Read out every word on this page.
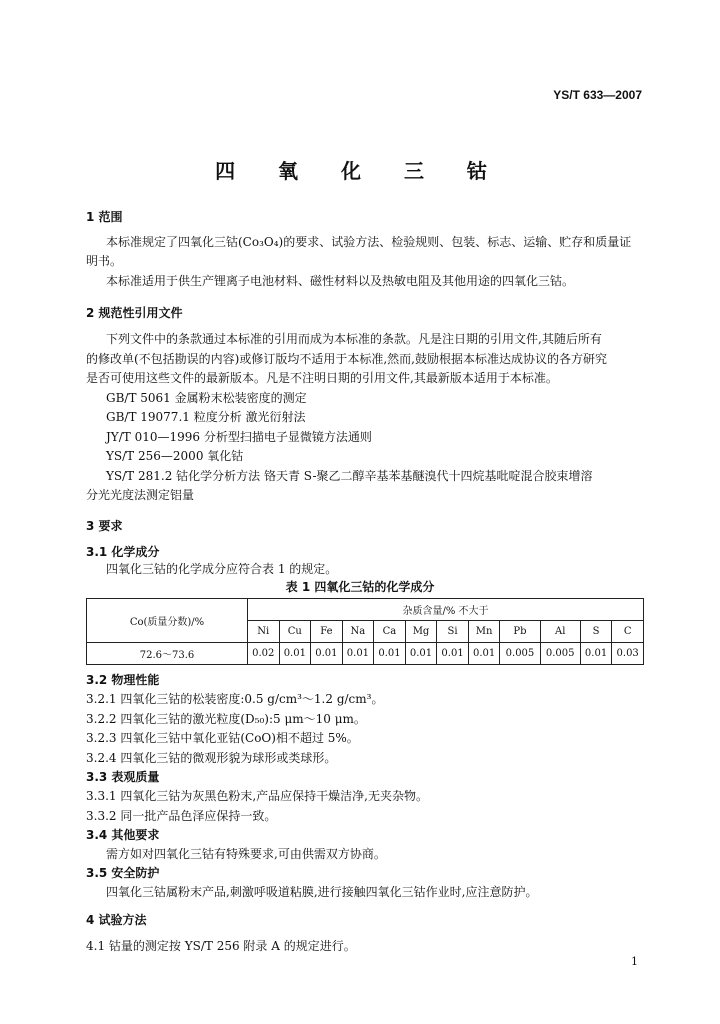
YS/T 633—2007
四 氧 化 三 钴
1 范围
本标准规定了四氧化三钴(Co₃O₄)的要求、试验方法、检验规则、包装、标志、运输、贮存和质量证
明书。
本标准适用于供生产锂离子电池材料、磁性材料以及热敏电阻及其他用途的四氧化三钴。
2 规范性引用文件
下列文件中的条款通过本标准的引用而成为本标准的条款。凡是注日期的引用文件,其随后所有
的修改单(不包括勘误的内容)或修订版均不适用于本标准,然而,鼓励根据本标准达成协议的各方研究
是否可使用这些文件的最新版本。凡是不注明日期的引用文件,其最新版本适用于本标准。
GB/T 5061 金属粉末松装密度的测定
GB/T 19077.1 粒度分析 激光衍射法
JY/T 010—1996 分析型扫描电子显微镜方法通则
YS/T 256—2000 氧化钴
YS/T 281.2 钴化学分析方法 铬天青 S-聚乙二醇辛基苯基醚溴代十四烷基吡啶混合胶束增溶
分光光度法测定铝量
3 要求
3.1 化学成分
四氧化三钴的化学成分应符合表 1 的规定。
表 1 四氧化三钴的化学成分
Co(质量分数)/%	杂质含量/% 不大于											
	Ni	Cu	Fe	Na	Ca	Mg	Si	Mn	Pb	Al	S	C
72.6～73.6	0.02	0.01	0.01	0.01	0.01	0.01	0.01	0.01	0.005	0.005	0.01	0.03
3.2 物理性能
3.2.1 四氧化三钴的松装密度:0.5 g/cm³～1.2 g/cm³。
3.2.2 四氧化三钴的激光粒度(D₅₀):5 μm～10 μm。
3.2.3 四氧化三钴中氧化亚钴(CoO)相不超过 5%。
3.2.4 四氧化三钴的微观形貌为球形或类球形。
3.3 表观质量
3.3.1 四氧化三钴为灰黑色粉末,产品应保持干燥洁净,无夹杂物。
3.3.2 同一批产品色泽应保持一致。
3.4 其他要求
需方如对四氧化三钴有特殊要求,可由供需双方协商。
3.5 安全防护
四氧化三钴属粉末产品,刺激呼吸道粘膜,进行接触四氧化三钴作业时,应注意防护。
4 试验方法
4.1 钴量的测定按 YS/T 256 附录 A 的规定进行。
1
